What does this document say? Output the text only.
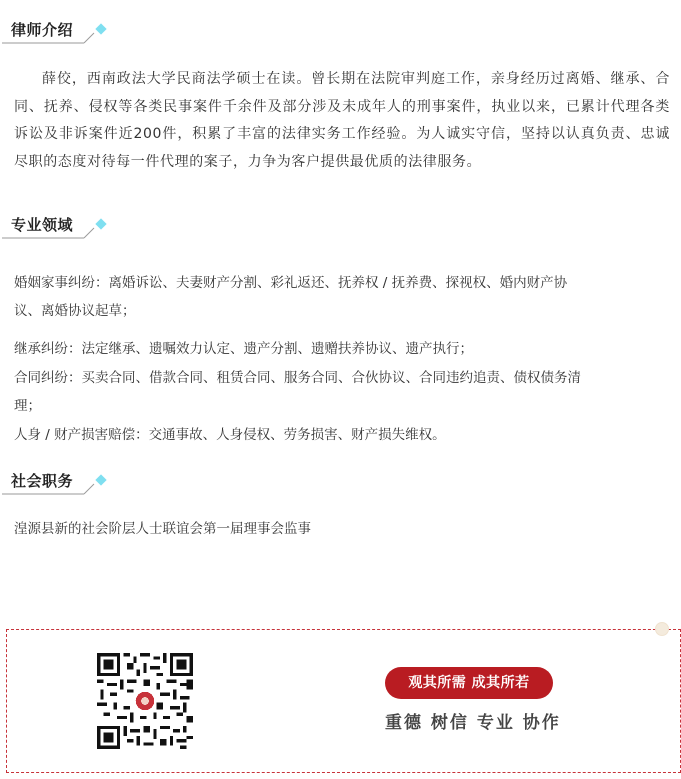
律师介绍
薛佼，西南政法大学民商法学硕士在读。曾长期在法院审判庭工作，亲身经历过离婚、继承、合同、抚养、侵权等各类民事案件千余件及部分涉及未成年人的刑事案件，执业以来，已累计代理各类诉讼及非诉案件近200件，积累了丰富的法律实务工作经验。为人诚实守信，坚持以认真负责、忠诚尽职的态度对待每一件代理的案子，力争为客户提供最优质的法律服务。
专业领域
婚姻家事纠纷：离婚诉讼、夫妻财产分割、彩礼返还、抚养权 / 抚养费、探视权、婚内财产协
议、离婚协议起草；
继承纠纷：法定继承、遗嘱效力认定、遗产分割、遗赠扶养协议、遗产执行；
合同纠纷：买卖合同、借款合同、租赁合同、服务合同、合伙协议、合同违约追责、债权债务清
理；
人身 / 财产损害赔偿：交通事故、人身侵权、劳务损害、财产损失维权。
社会职务
湟源县新的社会阶层人士联谊会第一届理事会监事
观其所需 成其所若
重德 树信 专业 协作
